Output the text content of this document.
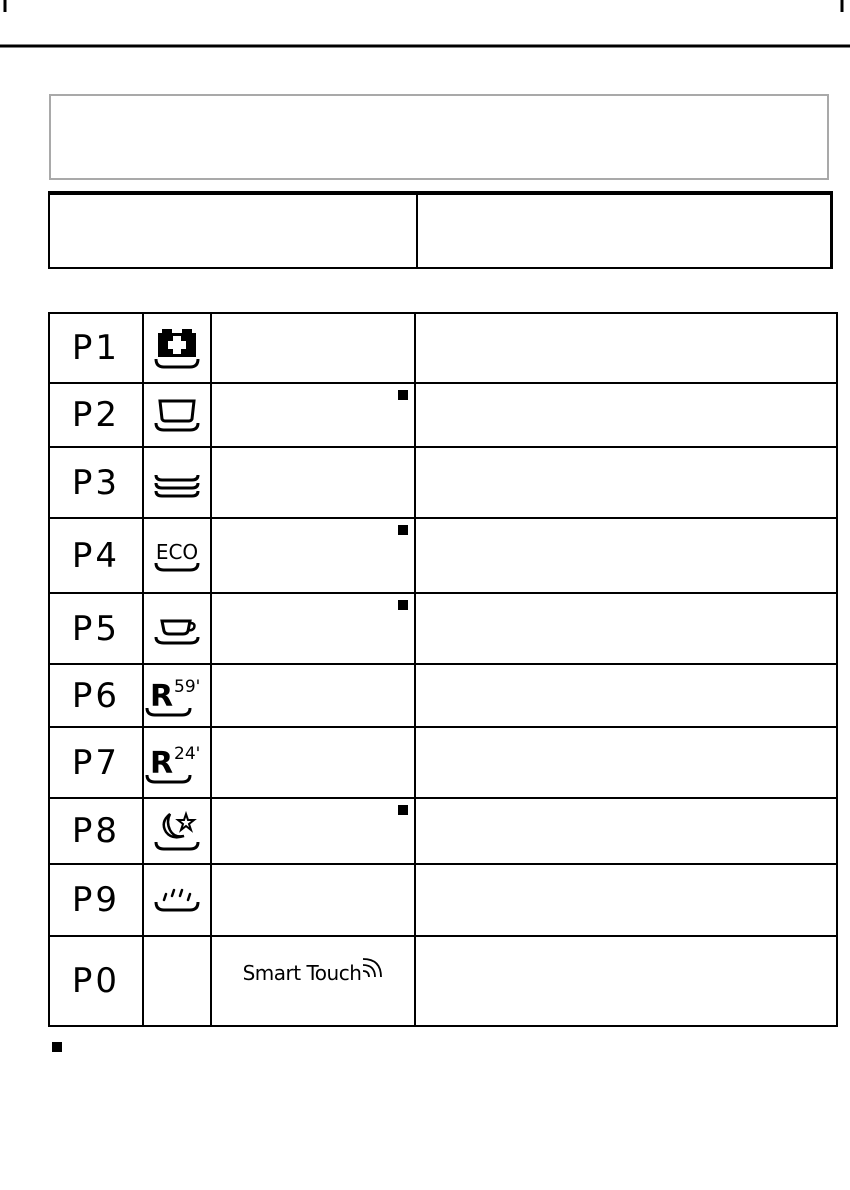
P1

P2

P3

P4	ECO		

P5

P6	R 59'		

P7	R 24'		

P8

P9

P0		Smart Touch	
